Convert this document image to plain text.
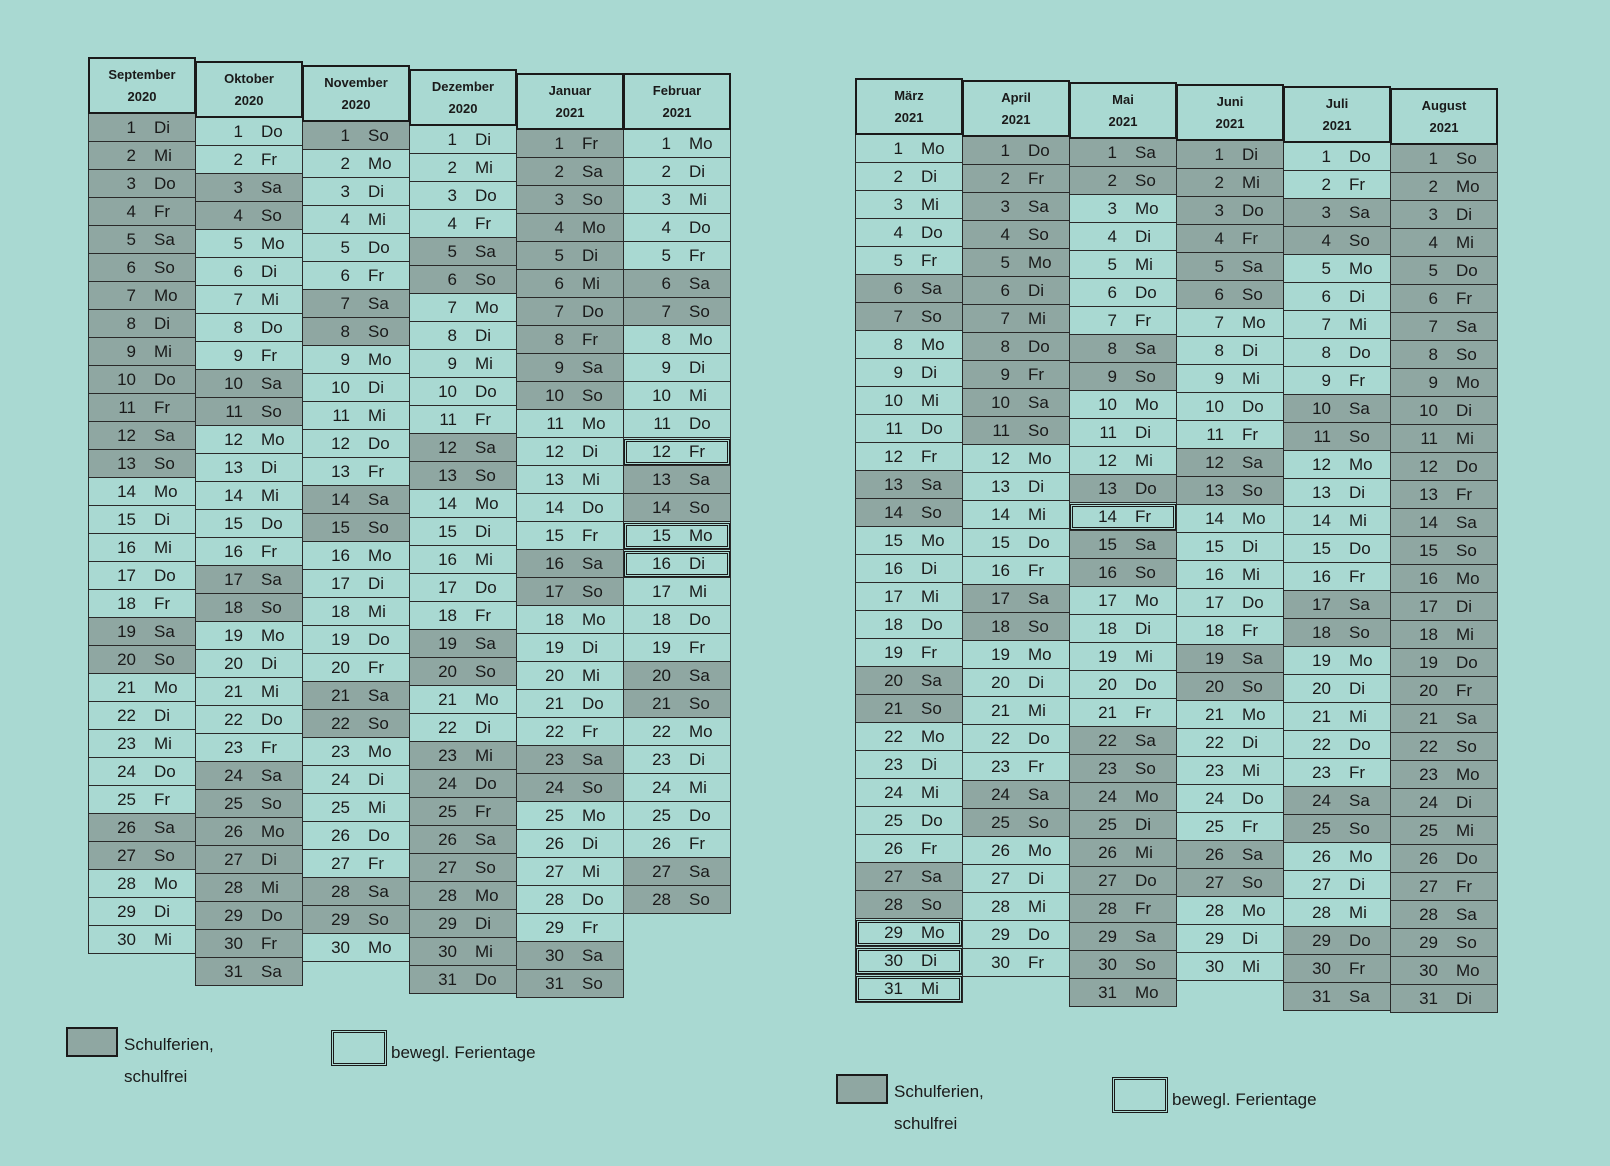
September
2020
1	Di
2	Mi
3	Do
4	Fr
5	Sa
6	So
7	Mo
8	Di
9	Mi
10	Do
11	Fr
12	Sa
13	So
14	Mo
15	Di
16	Mi
17	Do
18	Fr
19	Sa
20	So
21	Mo
22	Di
23	Mi
24	Do
25	Fr
26	Sa
27	So
28	Mo
29	Di
30	Mi
Oktober
2020
1	Do
2	Fr
3	Sa
4	So
5	Mo
6	Di
7	Mi
8	Do
9	Fr
10	Sa
11	So
12	Mo
13	Di
14	Mi
15	Do
16	Fr
17	Sa
18	So
19	Mo
20	Di
21	Mi
22	Do
23	Fr
24	Sa
25	So
26	Mo
27	Di
28	Mi
29	Do
30	Fr
31	Sa
November
2020
1	So
2	Mo
3	Di
4	Mi
5	Do
6	Fr
7	Sa
8	So
9	Mo
10	Di
11	Mi
12	Do
13	Fr
14	Sa
15	So
16	Mo
17	Di
18	Mi
19	Do
20	Fr
21	Sa
22	So
23	Mo
24	Di
25	Mi
26	Do
27	Fr
28	Sa
29	So
30	Mo
Dezember
2020
1	Di
2	Mi
3	Do
4	Fr
5	Sa
6	So
7	Mo
8	Di
9	Mi
10	Do
11	Fr
12	Sa
13	So
14	Mo
15	Di
16	Mi
17	Do
18	Fr
19	Sa
20	So
21	Mo
22	Di
23	Mi
24	Do
25	Fr
26	Sa
27	So
28	Mo
29	Di
30	Mi
31	Do
Januar
2021
1	Fr
2	Sa
3	So
4	Mo
5	Di
6	Mi
7	Do
8	Fr
9	Sa
10	So
11	Mo
12	Di
13	Mi
14	Do
15	Fr
16	Sa
17	So
18	Mo
19	Di
20	Mi
21	Do
22	Fr
23	Sa
24	So
25	Mo
26	Di
27	Mi
28	Do
29	Fr
30	Sa
31	So
Februar
2021
1	Mo
2	Di
3	Mi
4	Do
5	Fr
6	Sa
7	So
8	Mo
9	Di
10	Mi
11	Do
12	Fr
13	Sa
14	So
15	Mo
16	Di
17	Mi
18	Do
19	Fr
20	Sa
21	So
22	Mo
23	Di
24	Mi
25	Do
26	Fr
27	Sa
28	So
März
2021
1	Mo
2	Di
3	Mi
4	Do
5	Fr
6	Sa
7	So
8	Mo
9	Di
10	Mi
11	Do
12	Fr
13	Sa
14	So
15	Mo
16	Di
17	Mi
18	Do
19	Fr
20	Sa
21	So
22	Mo
23	Di
24	Mi
25	Do
26	Fr
27	Sa
28	So
29	Mo
30	Di
31	Mi
April
2021
1	Do
2	Fr
3	Sa
4	So
5	Mo
6	Di
7	Mi
8	Do
9	Fr
10	Sa
11	So
12	Mo
13	Di
14	Mi
15	Do
16	Fr
17	Sa
18	So
19	Mo
20	Di
21	Mi
22	Do
23	Fr
24	Sa
25	So
26	Mo
27	Di
28	Mi
29	Do
30	Fr
Mai
2021
1	Sa
2	So
3	Mo
4	Di
5	Mi
6	Do
7	Fr
8	Sa
9	So
10	Mo
11	Di
12	Mi
13	Do
14	Fr
15	Sa
16	So
17	Mo
18	Di
19	Mi
20	Do
21	Fr
22	Sa
23	So
24	Mo
25	Di
26	Mi
27	Do
28	Fr
29	Sa
30	So
31	Mo
Juni
2021
1	Di
2	Mi
3	Do
4	Fr
5	Sa
6	So
7	Mo
8	Di
9	Mi
10	Do
11	Fr
12	Sa
13	So
14	Mo
15	Di
16	Mi
17	Do
18	Fr
19	Sa
20	So
21	Mo
22	Di
23	Mi
24	Do
25	Fr
26	Sa
27	So
28	Mo
29	Di
30	Mi
Juli
2021
1	Do
2	Fr
3	Sa
4	So
5	Mo
6	Di
7	Mi
8	Do
9	Fr
10	Sa
11	So
12	Mo
13	Di
14	Mi
15	Do
16	Fr
17	Sa
18	So
19	Mo
20	Di
21	Mi
22	Do
23	Fr
24	Sa
25	So
26	Mo
27	Di
28	Mi
29	Do
30	Fr
31	Sa
August
2021
1	So
2	Mo
3	Di
4	Mi
5	Do
6	Fr
7	Sa
8	So
9	Mo
10	Di
11	Mi
12	Do
13	Fr
14	Sa
15	So
16	Mo
17	Di
18	Mi
19	Do
20	Fr
21	Sa
22	So
23	Mo
24	Di
25	Mi
26	Do
27	Fr
28	Sa
29	So
30	Mo
31	Di
Schulferien,
schulfrei
bewegl. Ferientage
Schulferien,
schulfrei
bewegl. Ferientage
